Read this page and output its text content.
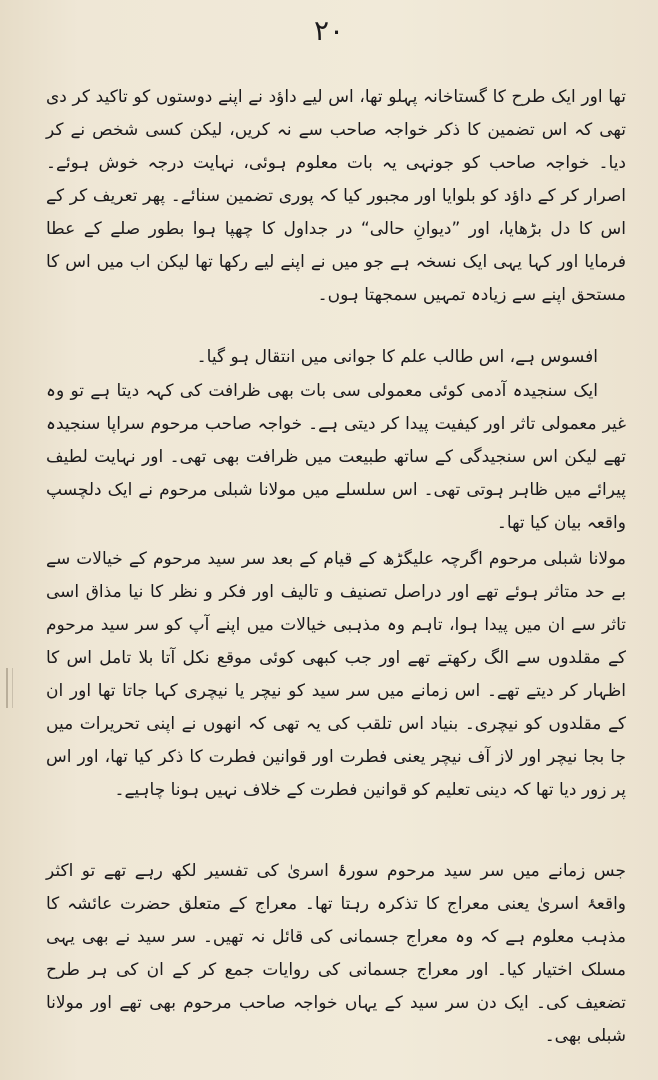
۲۰

تھا اور ایک طرح کا گستاخانہ پہلو تھا، اس لیے داؤد نے اپنے دوستوں کو تاکید کر دی تھی کہ اس تضمین کا ذکر خواجہ صاحب سے نہ کریں، لیکن کسی شخص نے کر دیا۔ خواجہ صاحب کو جونہی یہ بات معلوم ہوئی، نہایت درجہ خوش ہوئے۔ اصرار کر کے داؤد کو بلوایا اور مجبور کیا کہ پوری تضمین سنائے۔ پھر تعریف کر کے اس کا دل بڑھایا، اور ”دیوانِ حالی“ در جداول کا چھپا ہوا بطور صلے کے عطا فرمایا اور کہا یہی ایک نسخہ ہے جو میں نے اپنے لیے رکھا تھا لیکن اب میں اس کا مستحق اپنے سے زیادہ تمہیں سمجھتا ہوں۔

افسوس ہے، اس طالب علم کا جوانی میں انتقال ہو گیا۔

ایک سنجیدہ آدمی کوئی معمولی سی بات بھی ظرافت کی کہہ دیتا ہے تو وہ غیر معمولی تاثر اور کیفیت پیدا کر دیتی ہے۔ خواجہ صاحب مرحوم سراپا سنجیدہ تھے لیکن اس سنجیدگی کے ساتھ طبیعت میں ظرافت بھی تھی۔ اور نہایت لطیف پیرائے میں ظاہر ہوتی تھی۔ اس سلسلے میں مولانا شبلی مرحوم نے ایک دلچسپ واقعہ بیان کیا تھا۔

مولانا شبلی مرحوم اگرچہ علیگڑھ کے قیام کے بعد سر سید مرحوم کے خیالات سے بے حد متاثر ہوئے تھے اور دراصل تصنیف و تالیف اور فکر و نظر کا نیا مذاق اسی تاثر سے ان میں پیدا ہوا، تاہم وہ مذہبی خیالات میں اپنے آپ کو سر سید مرحوم کے مقلدوں سے الگ رکھتے تھے اور جب کبھی کوئی موقع نکل آتا بلا تامل اس کا اظہار کر دیتے تھے۔ اس زمانے میں سر سید کو نیچر یا نیچری کہا جاتا تھا اور ان کے مقلدوں کو نیچری۔ بنیاد اس تلقب کی یہ تھی کہ انھوں نے اپنی تحریرات میں جا بجا نیچر اور لاز آف نیچر یعنی فطرت اور قوانین فطرت کا ذکر کیا تھا، اور اس پر زور دیا تھا کہ دینی تعلیم کو قوانین فطرت کے خلاف نہیں ہونا چاہیے۔

جس زمانے میں سر سید مرحوم سورۂ اسریٰ کی تفسیر لکھ رہے تھے تو اکثر واقعۂ اسریٰ یعنی معراج کا تذکرہ رہتا تھا۔ معراج کے متعلق حضرت عائشہ کا مذہب معلوم ہے کہ وہ معراج جسمانی کی قائل نہ تھیں۔ سر سید نے بھی یہی مسلک اختیار کیا۔ اور معراج جسمانی کی روایات جمع کر کے ان کی ہر طرح تضعیف کی۔ ایک دن سر سید کے یہاں خواجہ صاحب مرحوم بھی تھے اور مولانا شبلی بھی۔
